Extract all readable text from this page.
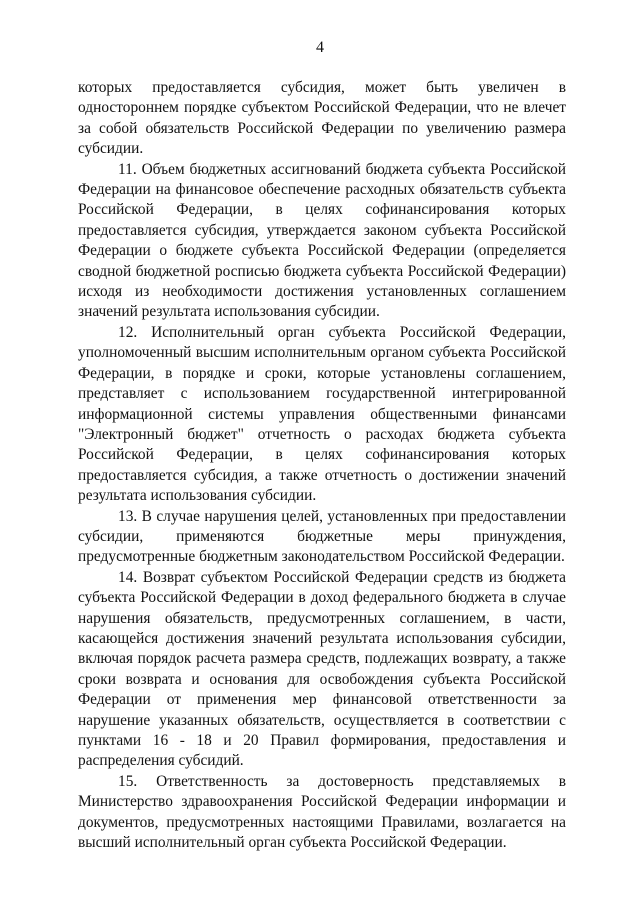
4

которых предоставляется субсидия, может быть увеличен в одностороннем порядке субъектом Российской Федерации, что не влечет за собой обязательств Российской Федерации по увеличению размера субсидии.

11. Объем бюджетных ассигнований бюджета субъекта Российской Федерации на финансовое обеспечение расходных обязательств субъекта Российской Федерации, в целях софинансирования которых предоставляется субсидия, утверждается законом субъекта Российской Федерации о бюджете субъекта Российской Федерации (определяется сводной бюджетной росписью бюджета субъекта Российской Федерации) исходя из необходимости достижения установленных соглашением значений результата использования субсидии.

12. Исполнительный орган субъекта Российской Федерации, уполномоченный высшим исполнительным органом субъекта Российской Федерации, в порядке и сроки, которые установлены соглашением, представляет с использованием государственной интегрированной информационной системы управления общественными финансами "Электронный бюджет" отчетность о расходах бюджета субъекта Российской Федерации, в целях софинансирования которых предоставляется субсидия, а также отчетность о достижении значений результата использования субсидии.

13. В случае нарушения целей, установленных при предоставлении субсидии, применяются бюджетные меры принуждения, предусмотренные бюджетным законодательством Российской Федерации.

14. Возврат субъектом Российской Федерации средств из бюджета субъекта Российской Федерации в доход федерального бюджета в случае нарушения обязательств, предусмотренных соглашением, в части, касающейся достижения значений результата использования субсидии, включая порядок расчета размера средств, подлежащих возврату, а также сроки возврата и основания для освобождения субъекта Российской Федерации от применения мер финансовой ответственности за нарушение указанных обязательств, осуществляется в соответствии с пунктами 16 - 18 и 20 Правил формирования, предоставления и распределения субсидий.

15. Ответственность за достоверность представляемых в Министерство здравоохранения Российской Федерации информации и документов, предусмотренных настоящими Правилами, возлагается на высший исполнительный орган субъекта Российской Федерации.
